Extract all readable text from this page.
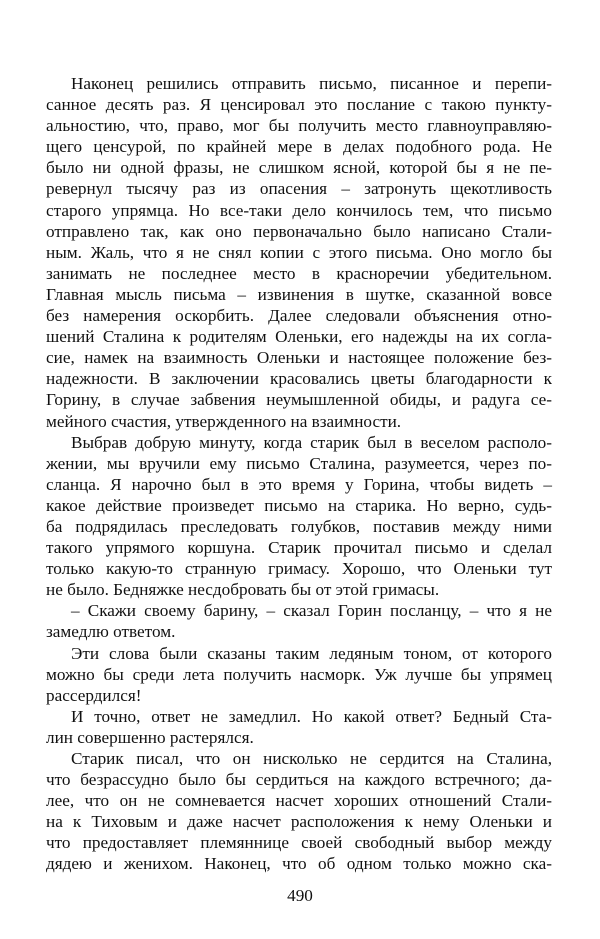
Наконец решились отправить письмо, писанное и перепи-
санное десять раз. Я ценсировал это послание с такою пункту-
альностию, что, право, мог бы получить место главноуправляю-
щего ценсурой, по крайней мере в делах подобного рода. Не
было ни одной фразы, не слишком ясной, которой бы я не пе-
ревернул тысячу раз из опасения – затронуть щекотливость
старого упрямца. Но все-таки дело кончилось тем, что письмо
отправлено так, как оно первоначально было написано Стали-
ным. Жаль, что я не снял копии с этого письма. Оно могло бы
занимать не последнее место в красноречии убедительном.
Главная мысль письма – извинения в шутке, сказанной вовсе
без намерения оскорбить. Далее следовали объяснения отно-
шений Сталина к родителям Оленьки, его надежды на их согла-
сие, намек на взаимность Оленьки и настоящее положение без-
надежности. В заключении красовались цветы благодарности к
Горину, в случае забвения неумышленной обиды, и радуга се-
мейного счастия, утвержденного на взаимности.
Выбрав добрую минуту, когда старик был в веселом располо-
жении, мы вручили ему письмо Сталина, разумеется, через по-
сланца. Я нарочно был в это время у Горина, чтобы видеть –
какое действие произведет письмо на старика. Но верно, судь-
ба подрядилась преследовать голубков, поставив между ними
такого упрямого коршуна. Старик прочитал письмо и сделал
только какую-то странную гримасу. Хорошо, что Оленьки тут
не было. Бедняжке несдобровать бы от этой гримасы.
– Скажи своему барину, – сказал Горин посланцу, – что я не
замедлю ответом.
Эти слова были сказаны таким ледяным тоном, от которого
можно бы среди лета получить насморк. Уж лучше бы упрямец
рассердился!
И точно, ответ не замедлил. Но какой ответ? Бедный Ста-
лин совершенно растерялся.
Старик писал, что он нисколько не сердится на Сталина,
что безрассудно было бы сердиться на каждого встречного; да-
лее, что он не сомневается насчет хороших отношений Стали-
на к Тиховым и даже насчет расположения к нему Оленьки и
что предоставляет племяннице своей свободный выбор между
дядею и женихом. Наконец, что об одном только можно ска-
490
